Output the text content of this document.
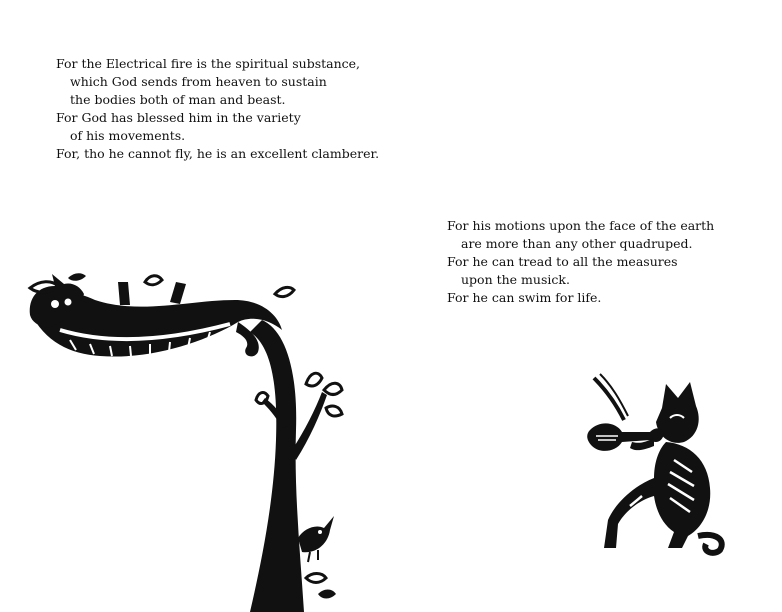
For the Electrical fire is the spiritual substance,
which God sends from heaven to sustain
the bodies both of man and beast.
For God has blessed him in the variety
of his movements.
For, tho he cannot fly, he is an excellent clamberer.
For his motions upon the face of the earth
are more than any other quadruped.
For he can tread to all the measures
upon the musick.
For he can swim for life.
